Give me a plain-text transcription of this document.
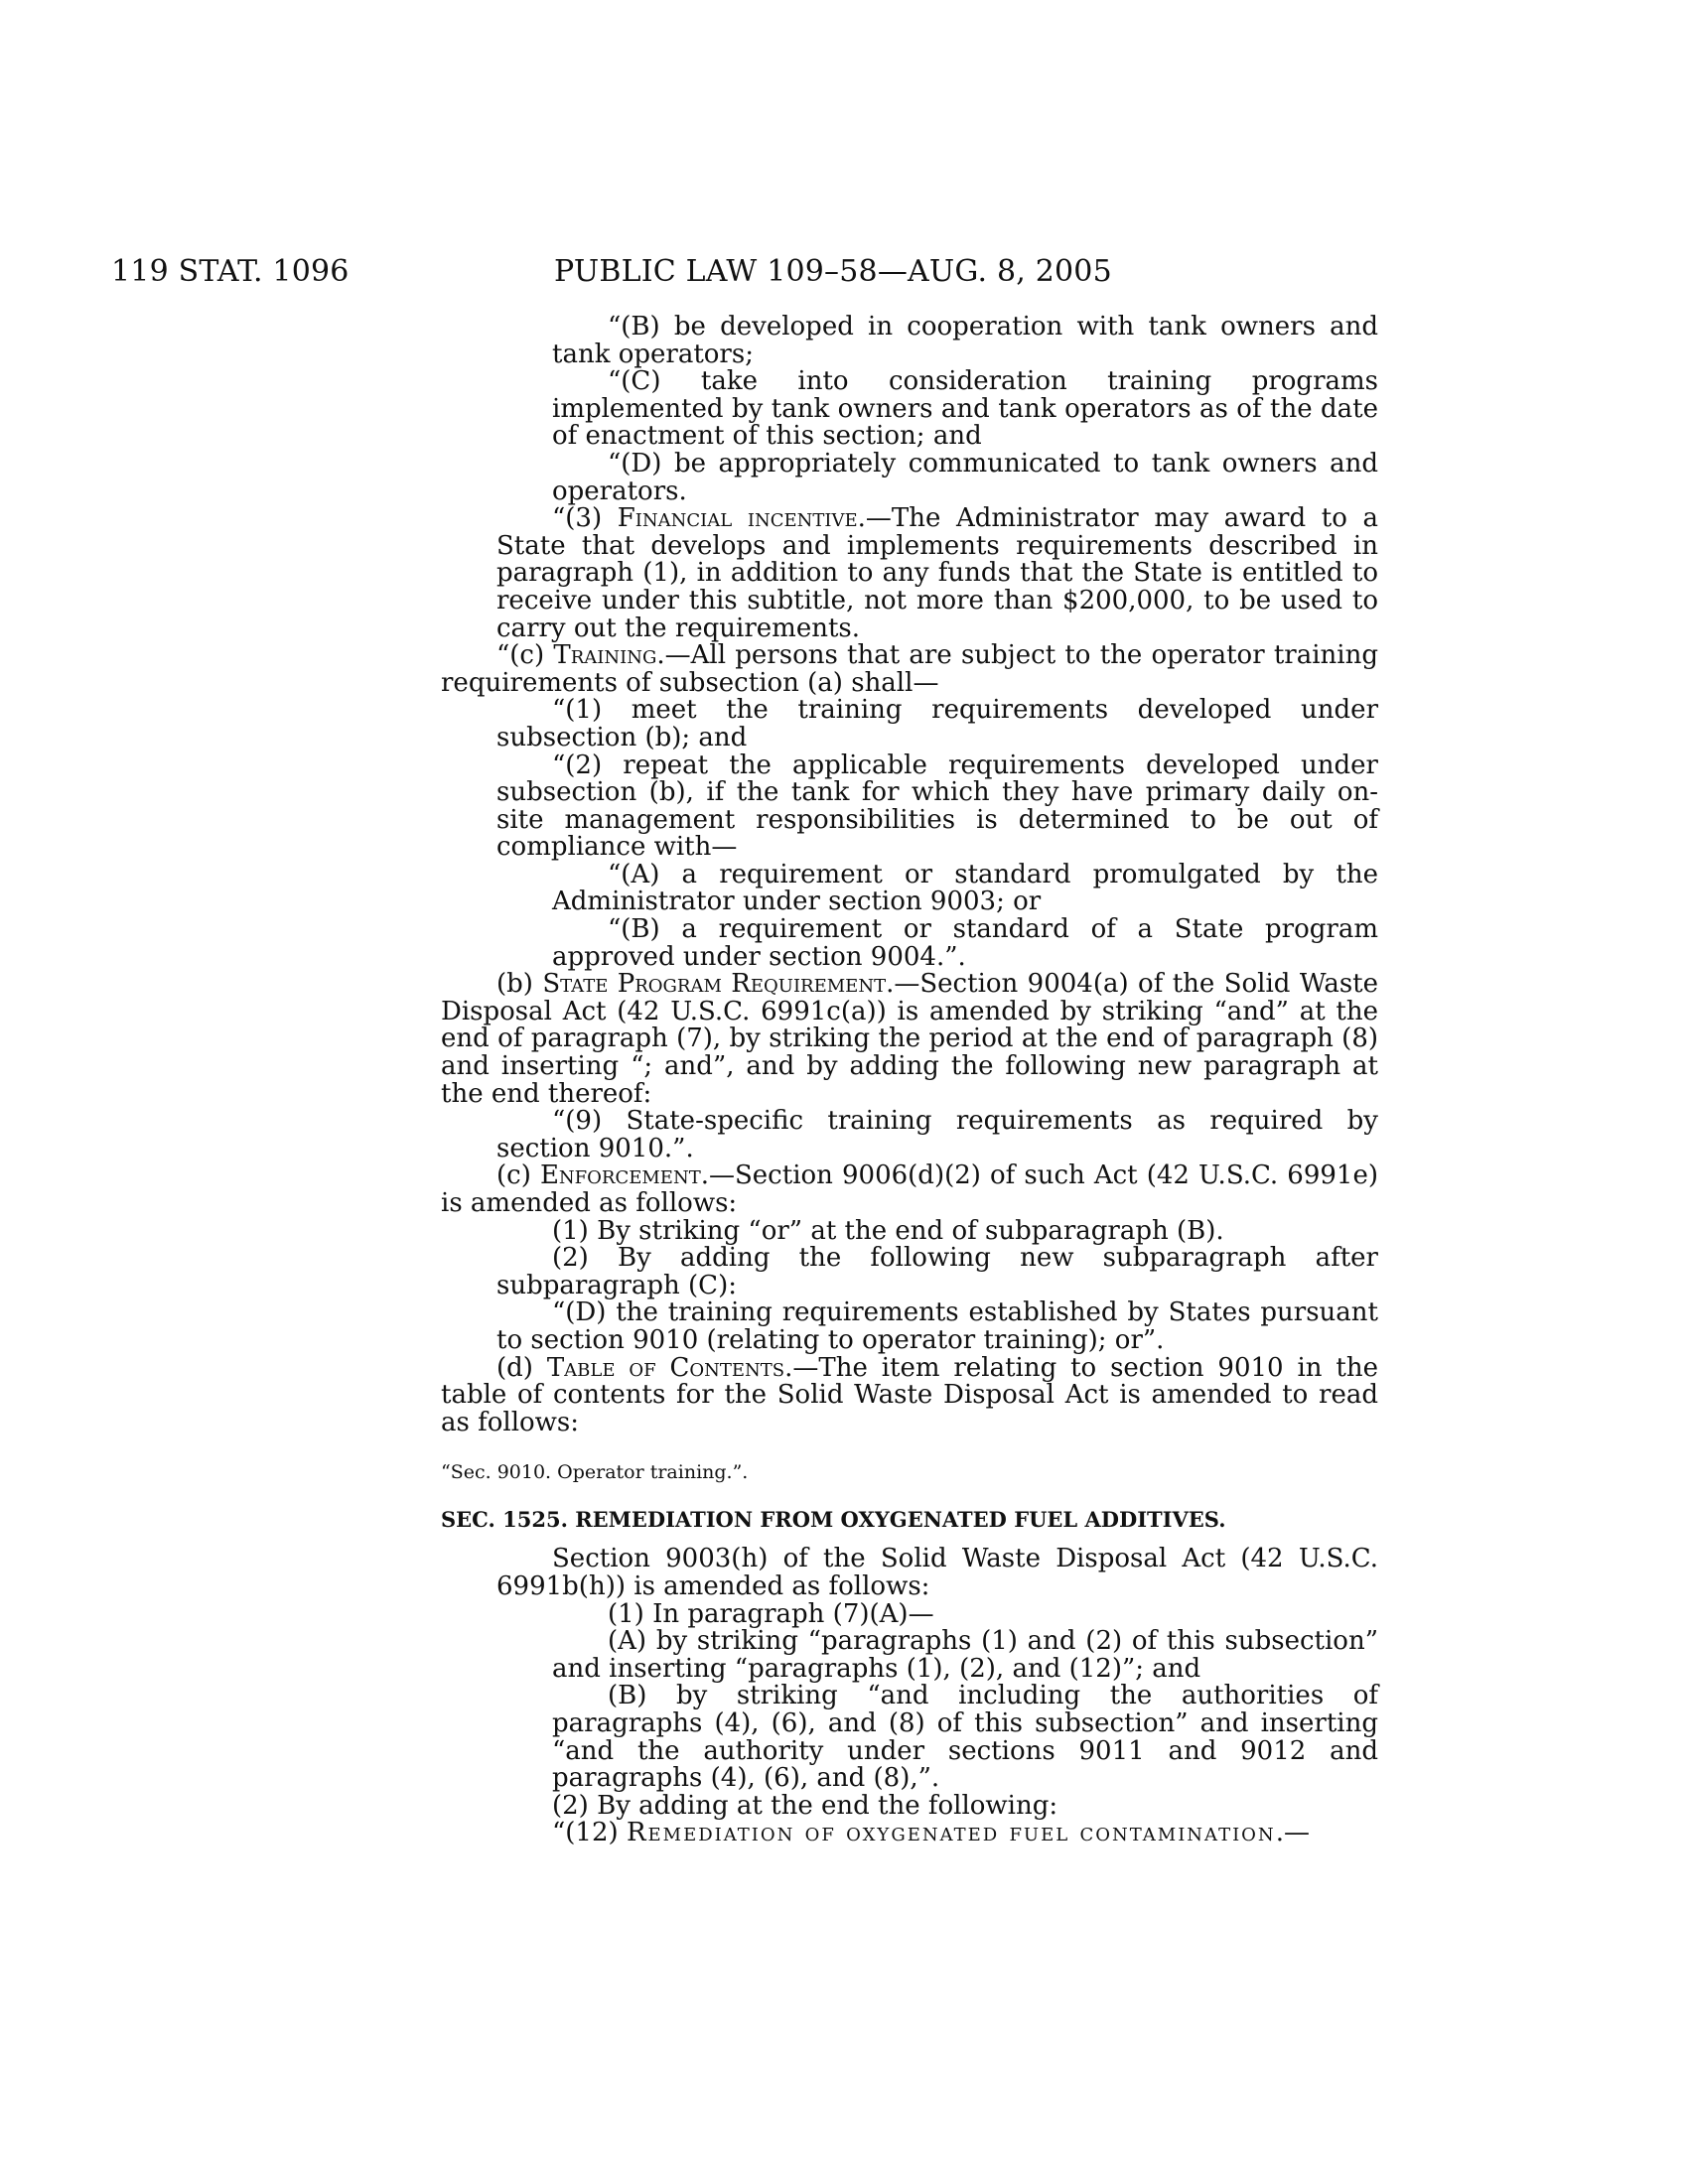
119 STAT. 1096	PUBLIC LAW 109–58—AUG. 8, 2005

“(B) be developed in cooperation with tank owners and tank operators;

“(C) take into consideration training programs implemented by tank owners and tank operators as of the date of enactment of this section; and

“(D) be appropriately communicated to tank owners and operators.

“(3) Financial incentive.—The Administrator may award to a State that develops and implements requirements described in paragraph (1), in addition to any funds that the State is entitled to receive under this subtitle, not more than $200,000, to be used to carry out the requirements.

“(c) Training.—All persons that are subject to the operator training requirements of subsection (a) shall—

“(1) meet the training requirements developed under subsection (b); and

“(2) repeat the applicable requirements developed under subsection (b), if the tank for which they have primary daily on-site management responsibilities is determined to be out of compliance with—

“(A) a requirement or standard promulgated by the Administrator under section 9003; or

“(B) a requirement or standard of a State program approved under section 9004.”.

(b) State Program Requirement.—Section 9004(a) of the Solid Waste Disposal Act (42 U.S.C. 6991c(a)) is amended by striking “and” at the end of paragraph (7), by striking the period at the end of paragraph (8) and inserting “; and”, and by adding the following new paragraph at the end thereof:

“(9) State-specific training requirements as required by section 9010.”.

(c) Enforcement.—Section 9006(d)(2) of such Act (42 U.S.C. 6991e) is amended as follows:

(1) By striking “or” at the end of subparagraph (B).

(2) By adding the following new subparagraph after subparagraph (C):

“(D) the training requirements established by States pursuant to section 9010 (relating to operator training); or”.

(d) Table of Contents.—The item relating to section 9010 in the table of contents for the Solid Waste Disposal Act is amended to read as follows:

“Sec. 9010. Operator training.”.

SEC. 1525. REMEDIATION FROM OXYGENATED FUEL ADDITIVES.

Section 9003(h) of the Solid Waste Disposal Act (42 U.S.C. 6991b(h)) is amended as follows:

(1) In paragraph (7)(A)—

(A) by striking “paragraphs (1) and (2) of this subsection” and inserting “paragraphs (1), (2), and (12)”; and

(B) by striking “and including the authorities of paragraphs (4), (6), and (8) of this subsection” and inserting “and the authority under sections 9011 and 9012 and paragraphs (4), (6), and (8),”.

(2) By adding at the end the following:

“(12) Remediation of oxygenated fuel contamination.—
